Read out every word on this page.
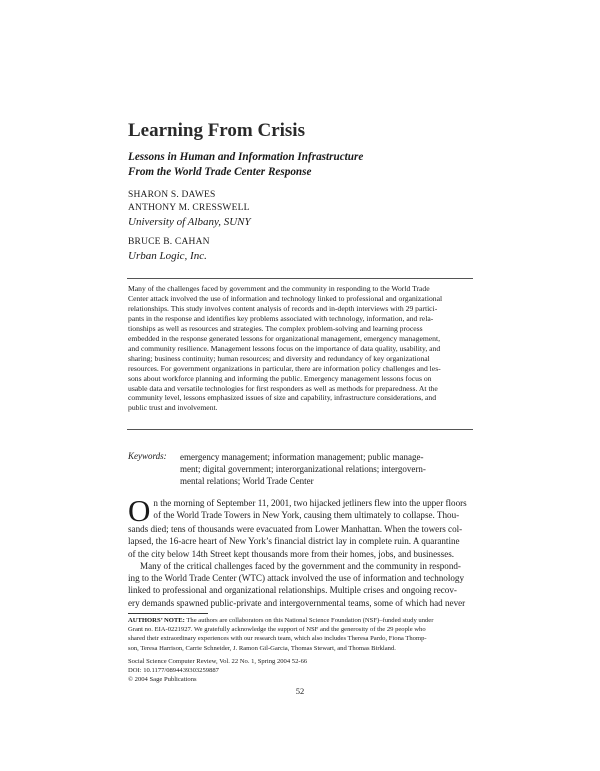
Learning From Crisis
Lessons in Human and Information Infrastructure
From the World Trade Center Response
SHARON S. DAWES
ANTHONY M. CRESSWELL
University of Albany, SUNY
BRUCE B. CAHAN
Urban Logic, Inc.
Many of the challenges faced by government and the community in responding to the World Trade
Center attack involved the use of information and technology linked to professional and organizational
relationships. This study involves content analysis of records and in-depth interviews with 29 partici-
pants in the response and identifies key problems associated with technology, information, and rela-
tionships as well as resources and strategies. The complex problem-solving and learning process
embedded in the response generated lessons for organizational management, emergency management,
and community resilience. Management lessons focus on the importance of data quality, usability, and
sharing; business continuity; human resources; and diversity and redundancy of key organizational
resources. For government organizations in particular, there are information policy challenges and les-
sons about workforce planning and informing the public. Emergency management lessons focus on
usable data and versatile technologies for first responders as well as methods for preparedness. At the
community level, lessons emphasized issues of size and capability, infrastructure considerations, and
public trust and involvement.
Keywords: emergency management; information management; public manage-
ment; digital government; interorganizational relations; intergovern-
mental relations; World Trade Center
O n the morning of September 11, 2001, two hijacked jetliners flew into the upper floors
of the World Trade Towers in New York, causing them ultimately to collapse. Thou-
sands died; tens of thousands were evacuated from Lower Manhattan. When the towers col-
lapsed, the 16-acre heart of New York’s financial district lay in complete ruin. A quarantine
of the city below 14th Street kept thousands more from their homes, jobs, and businesses.
Many of the critical challenges faced by the government and the community in respond-
ing to the World Trade Center (WTC) attack involved the use of information and technology
linked to professional and organizational relationships. Multiple crises and ongoing recov-
ery demands spawned public-private and intergovernmental teams, some of which had never
AUTHORS’ NOTE: The authors are collaborators on this National Science Foundation (NSF)–funded study under
Grant no. EIA-0221927. We gratefully acknowledge the support of NSF and the generosity of the 29 people who
shared their extraordinary experiences with our research team, which also includes Theresa Pardo, Fiona Thomp-
son, Teresa Harrison, Carrie Schneider, J. Ramon Gil-Garcia, Thomas Stewart, and Thomas Birkland.
Social Science Computer Review, Vol. 22 No. 1, Spring 2004 52-66
DOI: 10.1177/0894439303259887
© 2004 Sage Publications
52
